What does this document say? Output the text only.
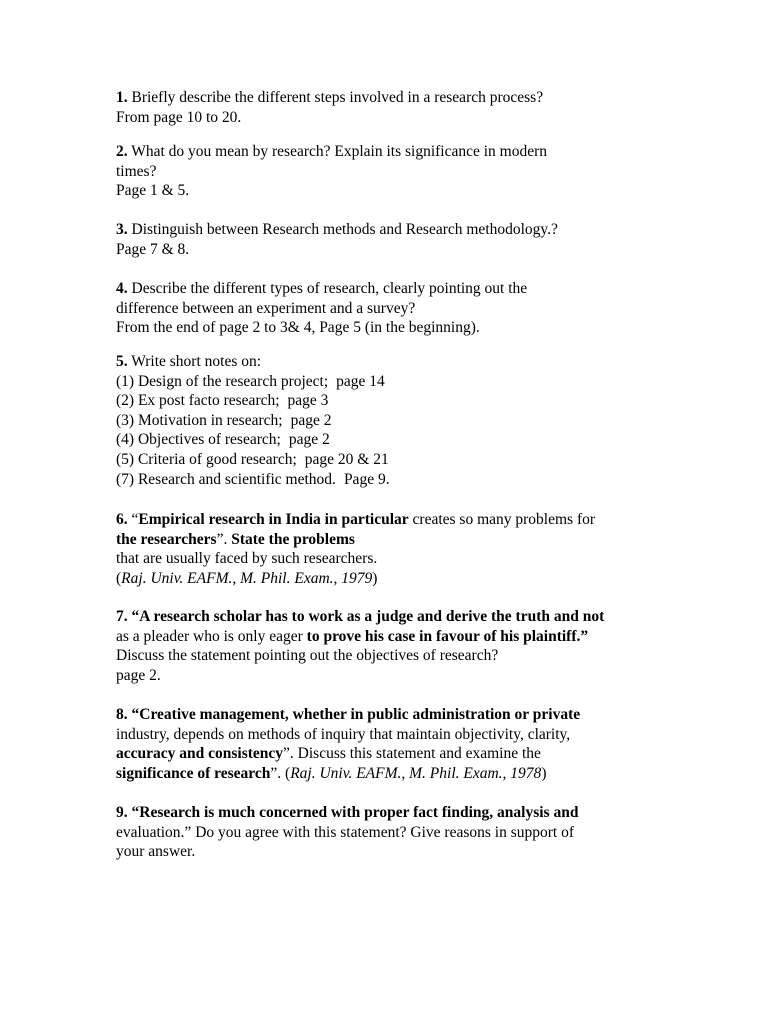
1. Briefly describe the different steps involved in a research process?
From page 10 to 20.
2. What do you mean by research? Explain its significance in modern
times?
Page 1 & 5.
3. Distinguish between Research methods and Research methodology.?
Page 7 & 8.
4. Describe the different types of research, clearly pointing out the
difference between an experiment and a survey?
From the end of page 2 to 3& 4, Page 5 (in the beginning).
5. Write short notes on:
(1) Design of the research project; page 14
(2) Ex post facto research; page 3
(3) Motivation in research; page 2
(4) Objectives of research; page 2
(5) Criteria of good research; page 20 & 21
(7) Research and scientific method. Page 9.
6. “Empirical research in India in particular creates so many problems for
the researchers”. State the problems
that are usually faced by such researchers.
(Raj. Univ. EAFM., M. Phil. Exam., 1979)
7. “A research scholar has to work as a judge and derive the truth and not
as a pleader who is only eager to prove his case in favour of his plaintiff.”
Discuss the statement pointing out the objectives of research?
page 2.
8. “Creative management, whether in public administration or private
industry, depends on methods of inquiry that maintain objectivity, clarity,
accuracy and consistency”. Discuss this statement and examine the
significance of research”. (Raj. Univ. EAFM., M. Phil. Exam., 1978)
9. “Research is much concerned with proper fact finding, analysis and
evaluation.” Do you agree with this statement? Give reasons in support of
your answer.
